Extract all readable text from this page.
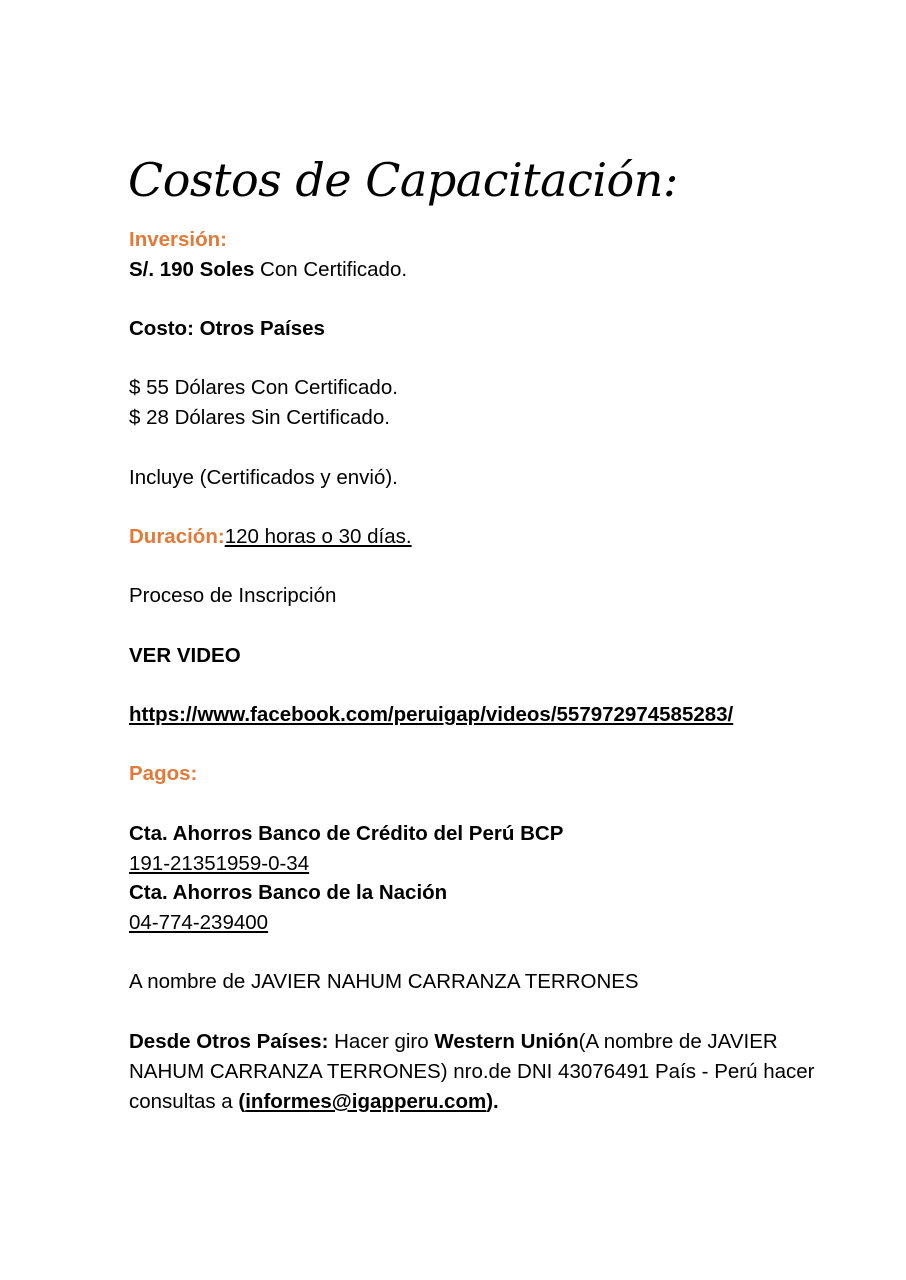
Costos de Capacitación:
Inversión:
S/. 190 Soles Con Certificado.
Costo: Otros Países
$ 55 Dólares Con Certificado.
$ 28 Dólares Sin Certificado.
Incluye (Certificados y envió).
Duración:120 horas o 30 días.
Proceso de Inscripción
VER VIDEO
https://www.facebook.com/peruigap/videos/557972974585283/
Pagos:
Cta. Ahorros Banco de Crédito del Perú BCP
191-21351959-0-34
Cta. Ahorros Banco de la Nación
04-774-239400
A nombre de JAVIER NAHUM CARRANZA TERRONES
Desde Otros Países: Hacer giro Western Unión(A nombre de JAVIER NAHUM CARRANZA TERRONES) nro.de DNI 43076491 País - Perú hacer consultas a (informes@igapperu.com).
